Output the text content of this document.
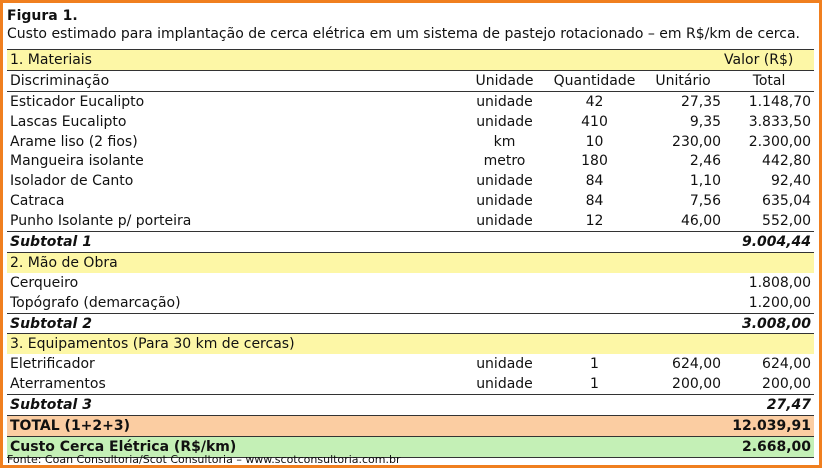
Figura 1.
Custo estimado para implantação de cerca elétrica em um sistema de pastejo rotacionado – em R$/km de cerca.
1. Materiais				Valor (R$)
Discriminação	Unidade	Quantidade	Unitário	Total
Esticador Eucalipto	unidade	42	27,35	1.148,70
Lascas Eucalipto	unidade	410	9,35	3.833,50
Arame liso (2 fios)	km	10	230,00	2.300,00
Mangueira isolante	metro	180	2,46	442,80
Isolador de Canto	unidade	84	1,10	92,40
Catraca	unidade	84	7,56	635,04
Punho Isolante p/ porteira	unidade	12	46,00	552,00
Subtotal 1				9.004,44
2. Mão de Obra				
Cerqueiro				1.808,00
Topógrafo (demarcação)				1.200,00
Subtotal 2				3.008,00
3. Equipamentos (Para 30 km de cercas)				
Eletrificador	unidade	1	624,00	624,00
Aterramentos	unidade	1	200,00	200,00
Subtotal 3				27,47
TOTAL (1+2+3)				12.039,91
Custo Cerca Elétrica (R$/km)				2.668,00
Fonte: Coan Consultoria/Scot Consultoria – www.scotconsultoria.com.br
